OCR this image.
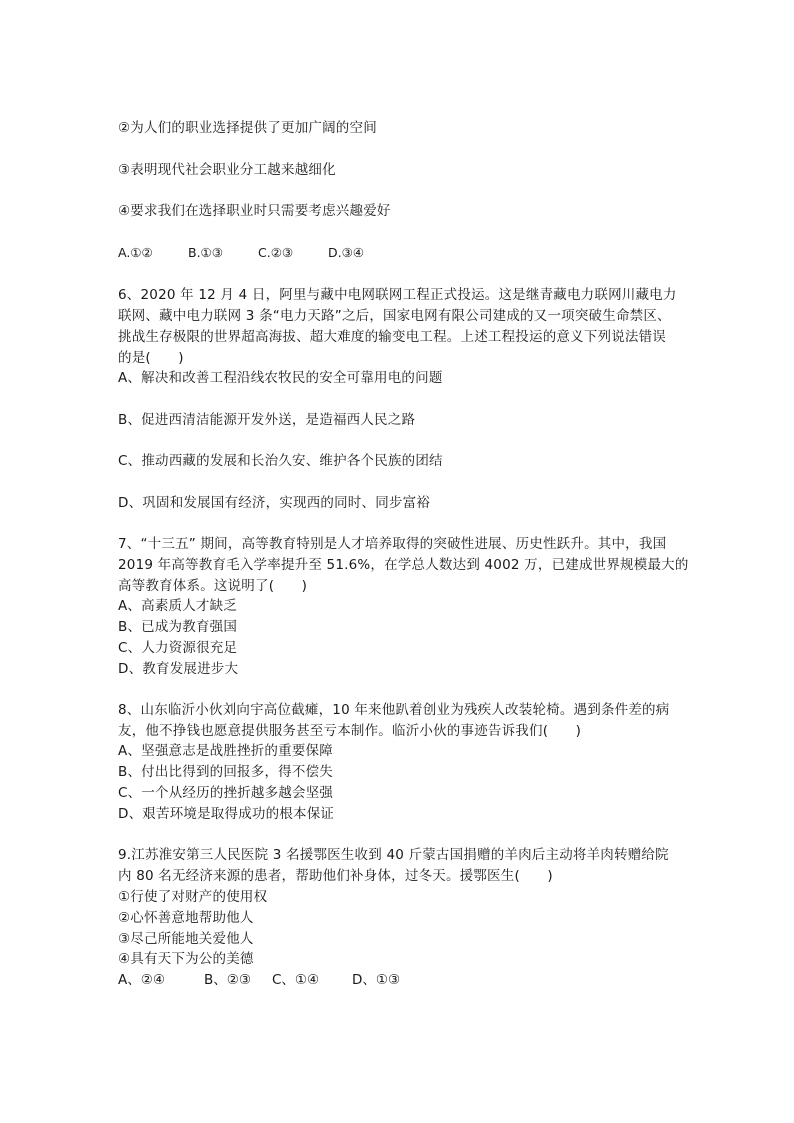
②为人们的职业选择提供了更加广阔的空间
③表明现代社会职业分工越来越细化
④要求我们在选择职业时只需要考虑兴趣爱好
A.①②	B.①③	C.②③	D.③④
6、2020 年 12 月 4 日，阿里与藏中电网联网工程正式投运。这是继青藏电力联网川藏电力
联网、藏中电力联网 3 条“电力天路”之后，国家电网有限公司建成的又一项突破生命禁区、
挑战生存极限的世界超高海拔、超大难度的输变电工程。上述工程投运的意义下列说法错误
的是(　　)
A、解决和改善工程沿线农牧民的安全可靠用电的问题
B、促进西清洁能源开发外送，是造福西人民之路
C、推动西藏的发展和长治久安、维护各个民族的团结
D、巩固和发展国有经济，实现西的同时、同步富裕
7、“十三五” 期间，高等教育特别是人才培养取得的突破性进展、历史性跃升。其中，我国
2019 年高等教育毛入学率提升至 51.6%，在学总人数达到 4002 万，已建成世界规模最大的
高等教育体系。这说明了(　　)
A、高素质人才缺乏
B、已成为教育强国
C、人力资源很充足
D、教育发展进步大
8、山东临沂小伙刘向宇高位截瘫，10 年来他趴着创业为残疾人改装轮椅。遇到条件差的病
友，他不挣钱也愿意提供服务甚至亏本制作。临沂小伙的事迹告诉我们(　　)
A、坚强意志是战胜挫折的重要保障
B、付出比得到的回报多，得不偿失
C、一个从经历的挫折越多越会坚强
D、艰苦环境是取得成功的根本保证
9.江苏淮安第三人民医院 3 名援鄂医生收到 40 斤蒙古国捐赠的羊肉后主动将羊肉转赠给院
内 80 名无经济来源的患者，帮助他们补身体，过冬天。援鄂医生(　　)
①行使了对财产的使用权
②心怀善意地帮助他人
③尽己所能地关爱他人
④具有天下为公的美德
A、②④	B、②③ C、①④ D、①③
